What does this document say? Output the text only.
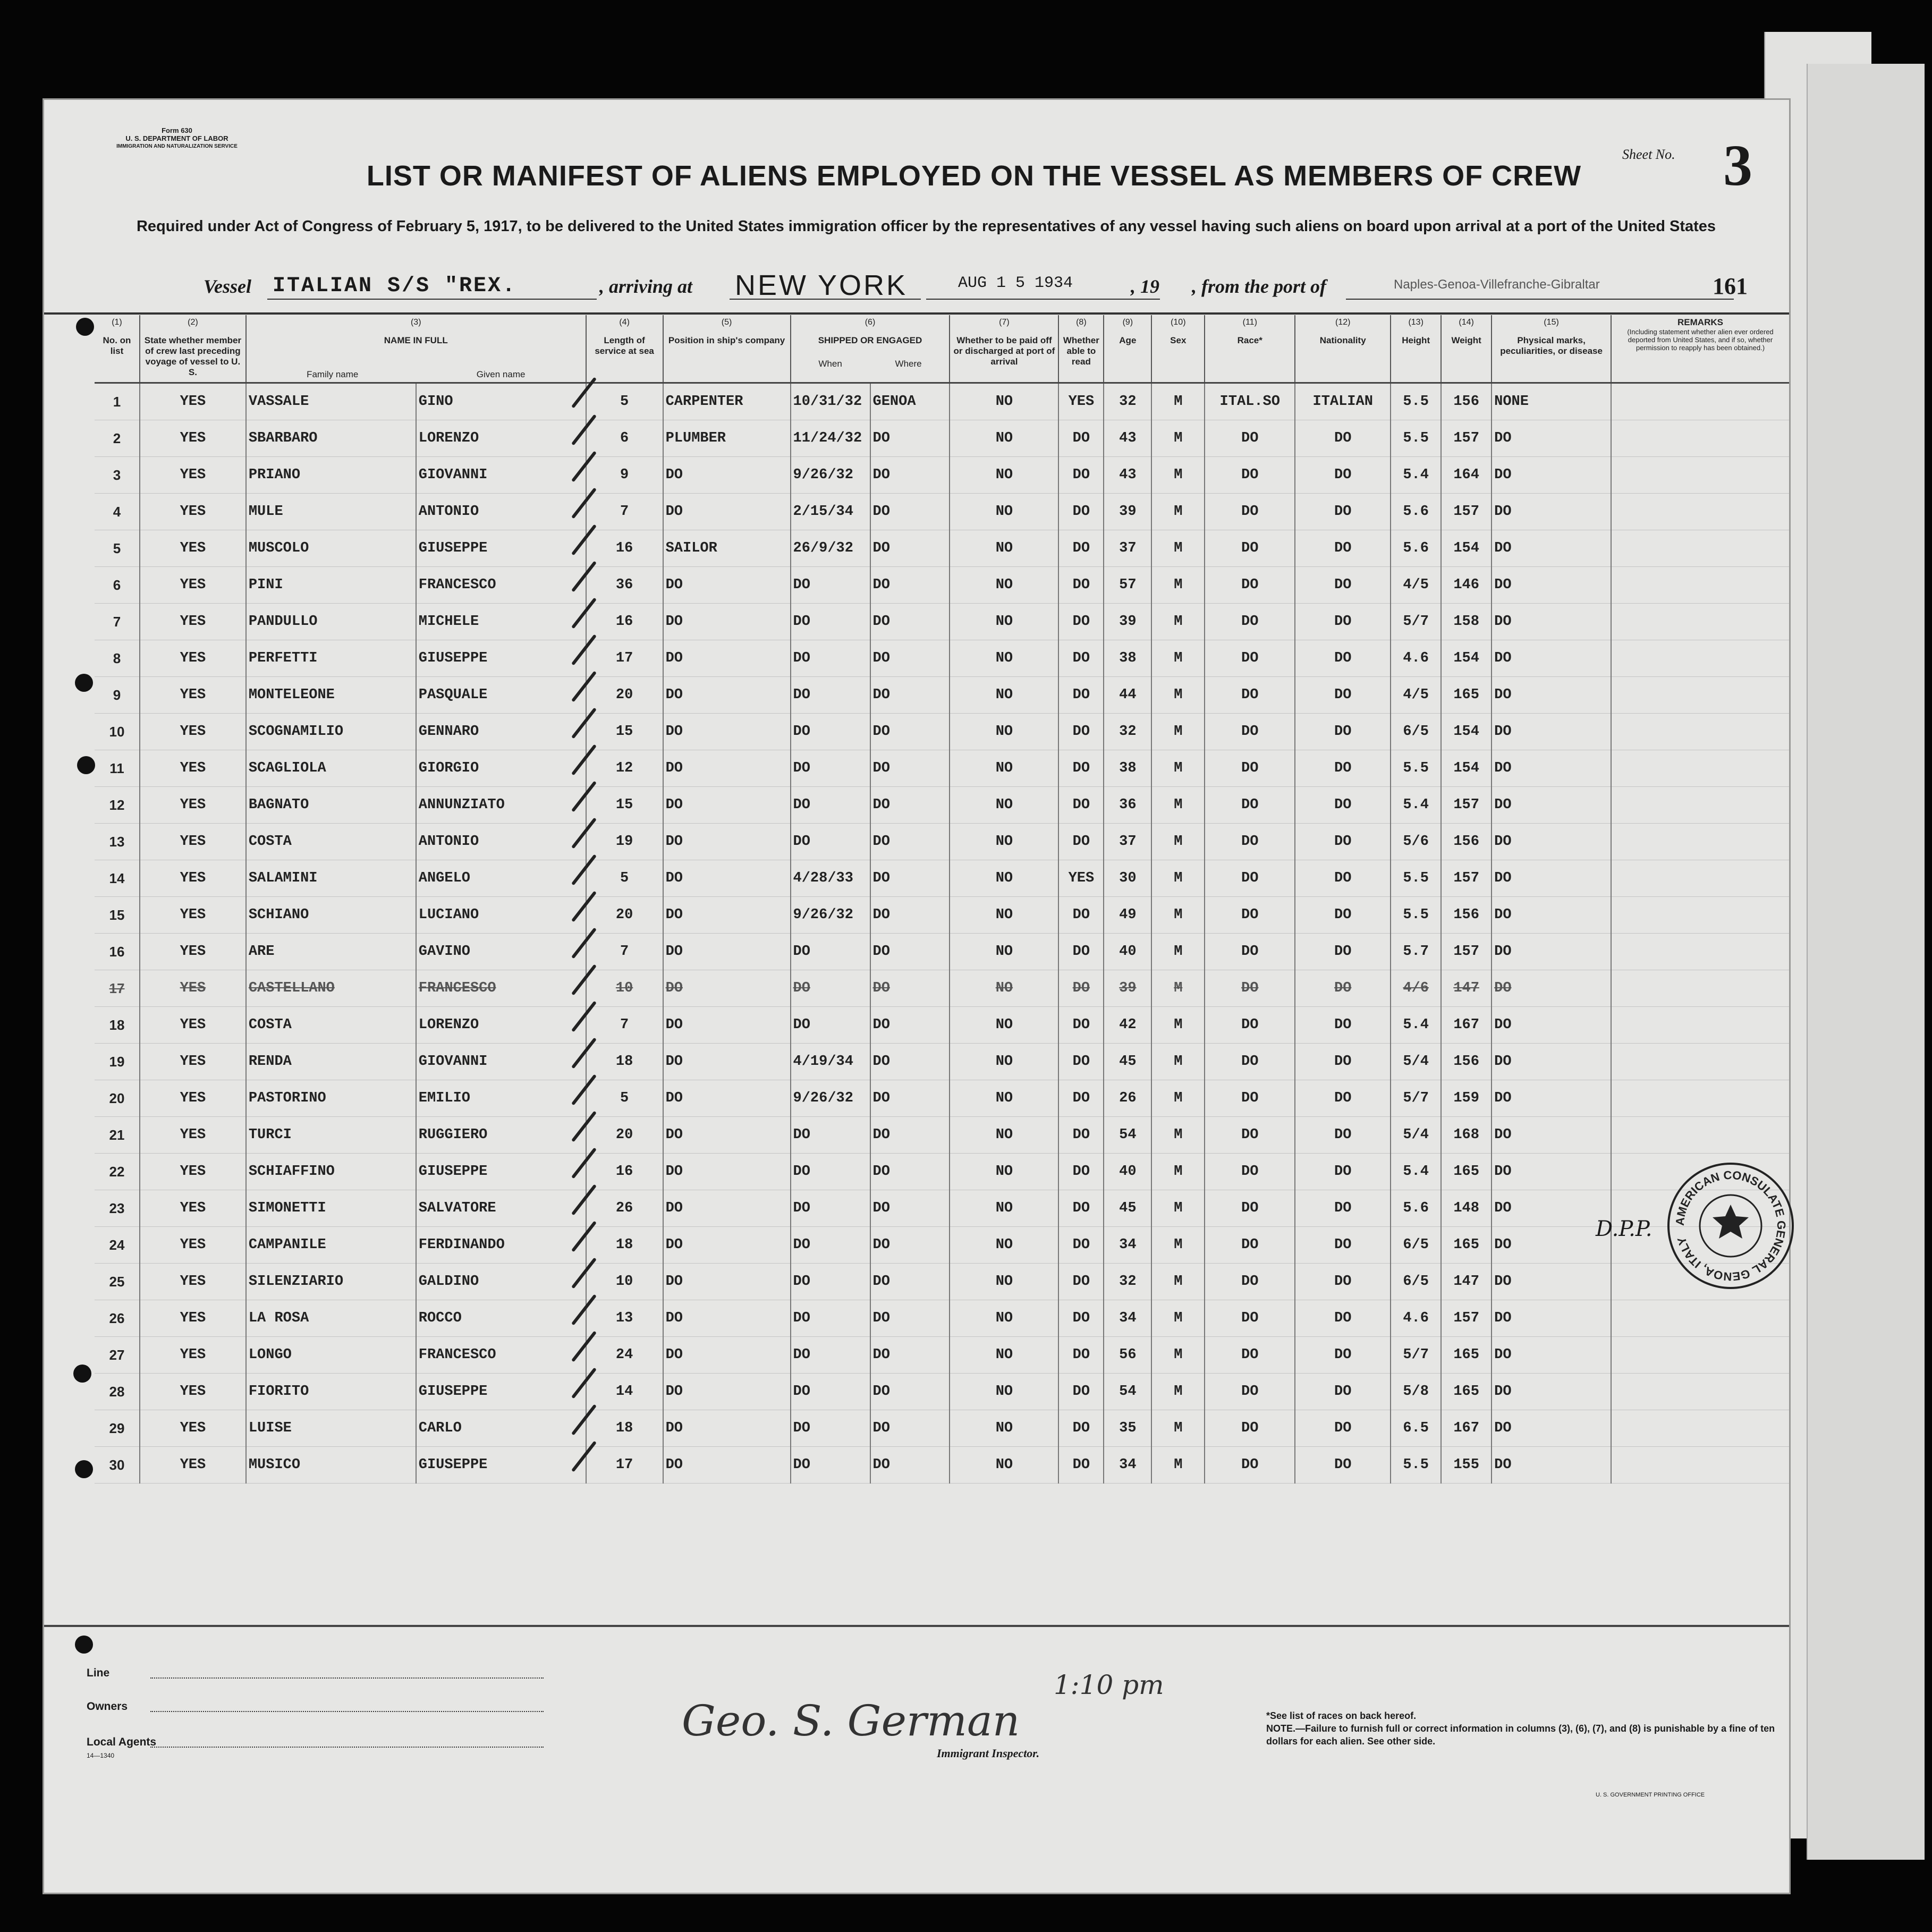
Form 630
U. S. DEPARTMENT OF LABOR
IMMIGRATION AND NATURALIZATION SERVICE
LIST OR MANIFEST OF ALIENS EMPLOYED ON THE VESSEL AS MEMBERS OF CREW
Sheet No. 3
Required under Act of Congress of February 5, 1917, to be delivered to the United States immigration officer by the representatives of any vessel having such aliens on board upon arrival at a port of the United States
Vessel ITALIAN S/S "REX.	, arriving at NEW YORK	AUG 1 5 1934	, 19 , from the port of	Naples-Genoa-Villefranche-Gibraltar	161
(1)
No. on list	(2)
State whether member of crew last preceding voyage of vessel to U. S.	(3)
NAME IN FULL
Family name Given name		(4)
Length of service at sea	(5)
Position in ship's company	(6)
SHIPPED OR ENGAGED
When Where		(7)
Whether to be paid off or discharged at port of arrival	(8)
Whether able to read	(9)
Age	(10)
Sex	(11)
Race*	(12)
Nationality	(13)
Height	(14)
Weight	(15)
Physical marks, peculiarities, or disease	REMARKS
(Including statement whether alien ever ordered deported from United States, and if so, whether permission to reapply has been obtained.)

1	YES	VASSALE	GINO	5	CARPENTER	10/31/32	GENOA	NO	YES	32	M	ITAL.SO	ITALIAN	5.5	156	NONE	
2	YES	SBARBARO	LORENZO	6	PLUMBER	11/24/32	DO	NO	DO	43	M	DO	DO	5.5	157	DO	
3	YES	PRIANO	GIOVANNI	9	DO	9/26/32	DO	NO	DO	43	M	DO	DO	5.4	164	DO	
4	YES	MULE	ANTONIO	7	DO	2/15/34	DO	NO	DO	39	M	DO	DO	5.6	157	DO	
5	YES	MUSCOLO	GIUSEPPE	16	SAILOR	26/9/32	DO	NO	DO	37	M	DO	DO	5.6	154	DO	
6	YES	PINI	FRANCESCO	36	DO	DO	DO	NO	DO	57	M	DO	DO	4/5	146	DO	
7	YES	PANDULLO	MICHELE	16	DO	DO	DO	NO	DO	39	M	DO	DO	5/7	158	DO	
8	YES	PERFETTI	GIUSEPPE	17	DO	DO	DO	NO	DO	38	M	DO	DO	4.6	154	DO	
9	YES	MONTELEONE	PASQUALE	20	DO	DO	DO	NO	DO	44	M	DO	DO	4/5	165	DO	
10	YES	SCOGNAMILIO	GENNARO	15	DO	DO	DO	NO	DO	32	M	DO	DO	6/5	154	DO	
11	YES	SCAGLIOLA	GIORGIO	12	DO	DO	DO	NO	DO	38	M	DO	DO	5.5	154	DO	
12	YES	BAGNATO	ANNUNZIATO	15	DO	DO	DO	NO	DO	36	M	DO	DO	5.4	157	DO	
13	YES	COSTA	ANTONIO	19	DO	DO	DO	NO	DO	37	M	DO	DO	5/6	156	DO	
14	YES	SALAMINI	ANGELO	5	DO	4/28/33	DO	NO	YES	30	M	DO	DO	5.5	157	DO	
15	YES	SCHIANO	LUCIANO	20	DO	9/26/32	DO	NO	DO	49	M	DO	DO	5.5	156	DO	
16	YES	ARE	GAVINO	7	DO	DO	DO	NO	DO	40	M	DO	DO	5.7	157	DO	
17	YES	CASTELLANO	FRANCESCO	10	DO	DO	DO	NO	DO	39	M	DO	DO	4/6	147	DO	
18	YES	COSTA	LORENZO	7	DO	DO	DO	NO	DO	42	M	DO	DO	5.4	167	DO	
19	YES	RENDA	GIOVANNI	18	DO	4/19/34	DO	NO	DO	45	M	DO	DO	5/4	156	DO	
20	YES	PASTORINO	EMILIO	5	DO	9/26/32	DO	NO	DO	26	M	DO	DO	5/7	159	DO	
21	YES	TURCI	RUGGIERO	20	DO	DO	DO	NO	DO	54	M	DO	DO	5/4	168	DO	
22	YES	SCHIAFFINO	GIUSEPPE	16	DO	DO	DO	NO	DO	40	M	DO	DO	5.4	165	DO	
23	YES	SIMONETTI	SALVATORE	26	DO	DO	DO	NO	DO	45	M	DO	DO	5.6	148	DO	
24	YES	CAMPANILE	FERDINANDO	18	DO	DO	DO	NO	DO	34	M	DO	DO	6/5	165	DO	
25	YES	SILENZIARIO	GALDINO	10	DO	DO	DO	NO	DO	32	M	DO	DO	6/5	147	DO	
26	YES	LA ROSA	ROCCO	13	DO	DO	DO	NO	DO	34	M	DO	DO	4.6	157	DO	
27	YES	LONGO	FRANCESCO	24	DO	DO	DO	NO	DO	56	M	DO	DO	5/7	165	DO	
28	YES	FIORITO	GIUSEPPE	14	DO	DO	DO	NO	DO	54	M	DO	DO	5/8	165	DO	
29	YES	LUISE	CARLO	18	DO	DO	DO	NO	DO	35	M	DO	DO	6.5	167	DO	
30	YES	MUSICO	GIUSEPPE	17	DO	DO	DO	NO	DO	34	M	DO	DO	5.5	155	DO	
AMERICAN CONSULATE GENERAL GENOA, ITALY
D.P.P.
Line
Owners
Local Agents
14—1340
Geo. S. German
1:10 pm
Immigrant Inspector.
*See list of races on back hereof.
NOTE.—Failure to furnish full or correct information in columns (3), (6), (7), and (8) is punishable by a fine of ten dollars for each alien. See other side.
U. S. GOVERNMENT PRINTING OFFICE
